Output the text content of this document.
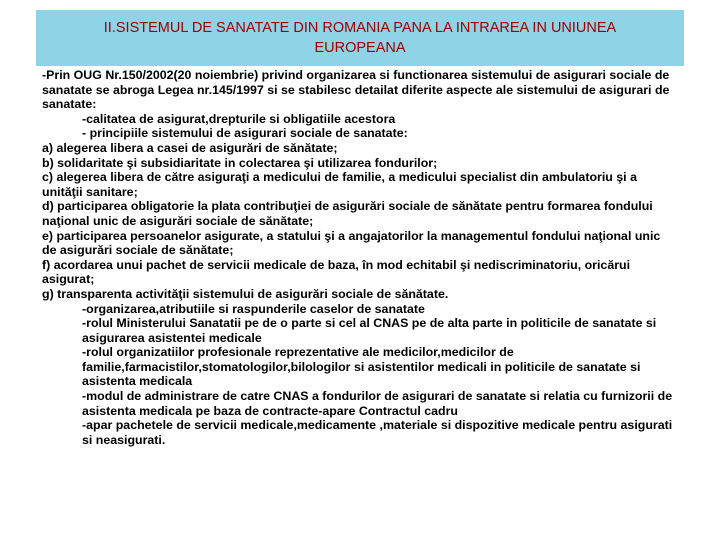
II.SISTEMUL DE SANATATE DIN ROMANIA PANA LA INTRAREA IN UNIUNEA
EUROPEANA

-Prin OUG Nr.150/2002(20 noiembrie) privind organizarea si functionarea sistemului de asigurari sociale de sanatate se abroga Legea nr.145/1997 si se stabilesc detailat diferite aspecte ale sistemului de asigurari de sanatate:

-calitatea de asigurat,drepturile si obligatiile acestora

- principiile sistemului de asigurari sociale de sanatate:

a) alegerea libera a casei de asigurări de sănătate;

b) solidaritate şi subsidiaritate in colectarea şi utilizarea fondurilor;

c) alegerea libera de către asiguraţi a medicului de familie, a medicului specialist din ambulatoriu şi a unităţii sanitare;

d) participarea obligatorie la plata contribuţiei de asigurări sociale de sănătate pentru formarea fondului naţional unic de asigurări sociale de sănătate;

e) participarea persoanelor asigurate, a statului şi a angajatorilor la managementul fondului naţional unic de asigurări sociale de sănătate;

f) acordarea unui pachet de servicii medicale de baza, în mod echitabil şi nediscriminatoriu, oricărui asigurat;

g) transparenta activităţii sistemului de asigurări sociale de sănătate.

-organizarea,atributiile si raspunderile caselor de sanatate

-rolul Ministerului Sanatatii pe de o parte si cel al CNAS pe de alta parte in politicile de sanatate si asigurarea asistentei medicale

-rolul organizatiilor profesionale reprezentative ale medicilor,medicilor de familie,farmacistilor,stomatologilor,bilologilor si asistentilor medicali in politicile de sanatate si asistenta medicala

-modul de administrare de catre CNAS a fondurilor de asigurari de sanatate si relatia cu furnizorii de asistenta medicala pe baza de contracte-apare Contractul cadru

-apar pachetele de servicii medicale,medicamente ,materiale si dispozitive medicale pentru asigurati si neasigurati.
